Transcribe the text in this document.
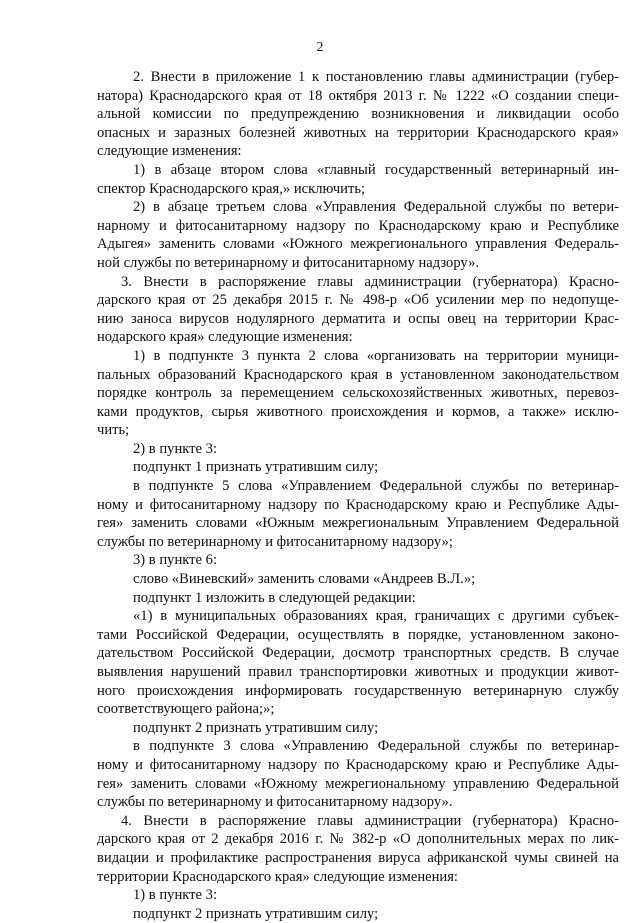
2
2. Внести в приложение 1 к постановлению главы администрации (губер-
натора) Краснодарского края от 18 октября 2013 г. № 1222 «О создании специ-
альной комиссии по предупреждению возникновения и ликвидации особо
опасных и заразных болезней животных на территории Краснодарского края»
следующие изменения:
1) в абзаце втором слова «главный государственный ветеринарный ин-
спектор Краснодарского края,» исключить;
2) в абзаце третьем слова «Управления Федеральной службы по ветери-
нарному и фитосанитарному надзору по Краснодарскому краю и Республике
Адыгея» заменить словами «Южного межрегионального управления Федераль-
ной службы по ветеринарному и фитосанитарному надзору».
3. Внести в распоряжение главы администрации (губернатора) Красно-
дарского края от 25 декабря 2015 г. № 498-р «Об усилении мер по недопуще-
нию заноса вирусов нодулярного дерматита и оспы овец на территории Крас-
нодарского края» следующие изменения:
1) в подпункте 3 пункта 2 слова «организовать на территории муници-
пальных образований Краснодарского края в установленном законодательством
порядке контроль за перемещением сельскохозяйственных животных, перевоз-
ками продуктов, сырья животного происхождения и кормов, а также» исклю-
чить;
2) в пункте 3:
подпункт 1 признать утратившим силу;
в подпункте 5 слова «Управлением Федеральной службы по ветеринар-
ному и фитосанитарному надзору по Краснодарскому краю и Республике Ады-
гея» заменить словами «Южным межрегиональным Управлением Федеральной
службы по ветеринарному и фитосанитарному надзору»;
3) в пункте 6:
слово «Виневский» заменить словами «Андреев В.Л.»;
подпункт 1 изложить в следующей редакции:
«1) в муниципальных образованиях края, граничащих с другими субъек-
тами Российской Федерации, осуществлять в порядке, установленном законо-
дательством Российской Федерации, досмотр транспортных средств. В случае
выявления нарушений правил транспортировки животных и продукции живот-
ного происхождения информировать государственную ветеринарную службу
соответствующего района;»;
подпункт 2 признать утратившим силу;
в подпункте 3 слова «Управлению Федеральной службы по ветеринар-
ному и фитосанитарному надзору по Краснодарскому краю и Республике Ады-
гея» заменить словами «Южному межрегиональному управлению Федеральной
службы по ветеринарному и фитосанитарному надзору».
4. Внести в распоряжение главы администрации (губернатора) Красно-
дарского края от 2 декабря 2016 г. № 382-р «О дополнительных мерах по лик-
видации и профилактике распространения вируса африканской чумы свиней на
территории Краснодарского края» следующие изменения:
1) в пункте 3:
подпункт 2 признать утратившим силу;
